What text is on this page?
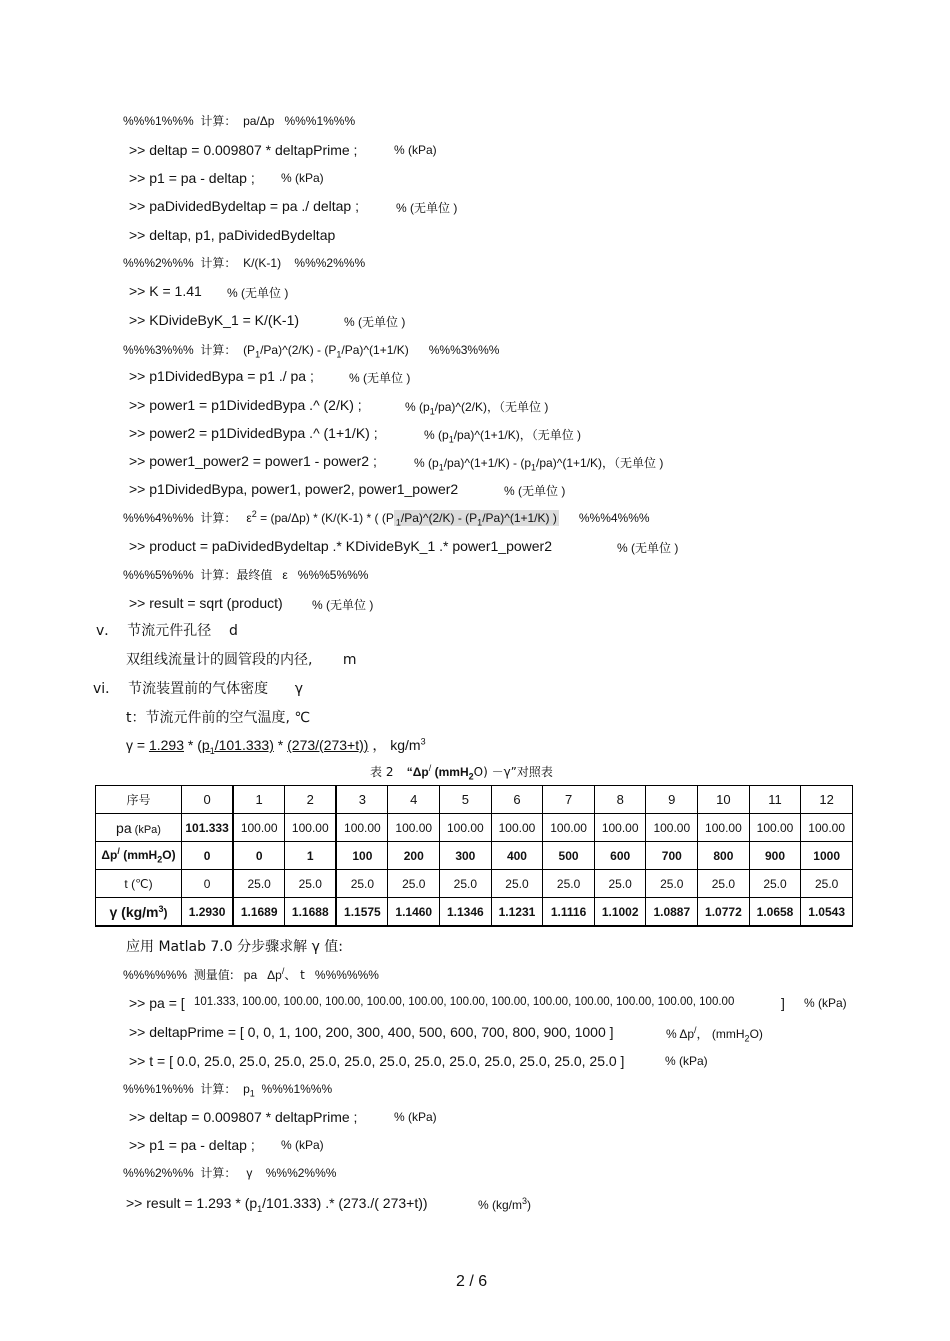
%%%1%%% 计算： pa/Δp %%%1%%%
>> deltap = 0.009807 * deltapPrime ;	% (kPa)
>> p1 = pa - deltap ; % (kPa)
>> paDividedBydeltap = pa ./ deltap ;	% (无单位 )
>> deltap, p1, paDividedBydeltap
%%%2%%% 计算： K/(K-1) %%%2%%%
>> K = 1.41 % (无单位 )
>> KDivideByK_1 = K/(K-1)	% (无单位 )
%%%3%%% 计算： $(P_1/Pa)\^{}(2/K)$ - $(P_1/Pa)\^{}(1+1/K)$ %%%3%%%
>> p1DividedBypa = p1 ./ pa ;	% (无单位 )
>> power1 = p1DividedBypa .^ (2/K) ;	% $(p_1/pa)\^{}(2/K)$，（无单位 )
>> power2 = p1DividedBypa .^ (1+1/K) ;	% $(p_1/pa)\^{}(1+1/K)$，（无单位 )
>> power1_power2 = power1 - power2 ;	% $(p_1/pa)\^{}(1+1/K)$ - $(p_1/pa)\^{}(1+1/K)$，（无单位 )
>> p1DividedBypa, power1, power2, power1_power2	% (无单位 )
%%%4%%% 计算： $\varepsilon^2 = (pa/\Delta p) * (K/(K-1)$ * ( (P $_1$/Pa)^(2/K) - $(P_1/Pa)\^{}(1+1/K)$ ) %%%4%%%
>> product = paDividedBydeltap .* KDivideByK_1 .* power1_power2	% (无单位 )
%%%5%%% 计算：最终值 ε %%%5%%%
>> result = sqrt (product) % (无单位 )
v． 节流元件孔径 d
双组线流量计的圆管段的内径, m
vi． 节流装置前的气体密度 γ
t：节流元件前的空气温度, ℃
$\gamma = 1.293 * (p_1/101.333) * (273/(273+t))$ ， $kg/m^3$
表 2 “Δp/ (mmH$_2$O) －γ”对照表
序号	0	1	2	3	4	5	6	7	8	9	10	11	12
pa (kPa)	101.333	100.00	100.00	100.00	100.00	100.00	100.00	100.00	100.00	100.00	100.00	100.00	100.00
Δp/ (mmH$_2$O)	0	0	1	100	200	300	400	500	600	700	800	900	1000
t (℃)	0	25.0	25.0	25.0	25.0	25.0	25.0	25.0	25.0	25.0	25.0	25.0	25.0
γ $(kg/m^3)$	1.2930	1.1689	1.1688	1.1575	1.1460	1.1346	1.1231	1.1116	1.1002	1.0887	1.0772	1.0658	1.0543
应用 Matlab 7.0 分步骤求解 γ 值:
%%%%%% 测量值: pa Δp/、 t %%%%%%
>> pa = [ 101.333, 100.00, 100.00, 100.00, 100.00, 100.00, 100.00, 100.00, 100.00, 100.00, 100.00, 100.00, 100.00	] % (kPa)
>> deltapPrime = [ 0, 0, 1, 100, 200, 300, 400, 500, 600, 700, 800, 900, 1000 ]	% Δp/， (mmH$_2$O)
>> t = [ 0.0, 25.0, 25.0, 25.0, 25.0, 25.0, 25.0, 25.0, 25.0, 25.0, 25.0, 25.0, 25.0 ]	% (kPa)
%%%1%%% 计算： $p_1$ %%%1%%%
>> deltap = 0.009807 * deltapPrime ;	% (kPa)
>> p1 = pa - deltap ; % (kPa)
%%%2%%% 计算： γ %%%2%%%
>> result = $1.293 * (p_1/101.333)$ .* (273./( 273+t))	% $(kg/m^3)$
2 / 6
